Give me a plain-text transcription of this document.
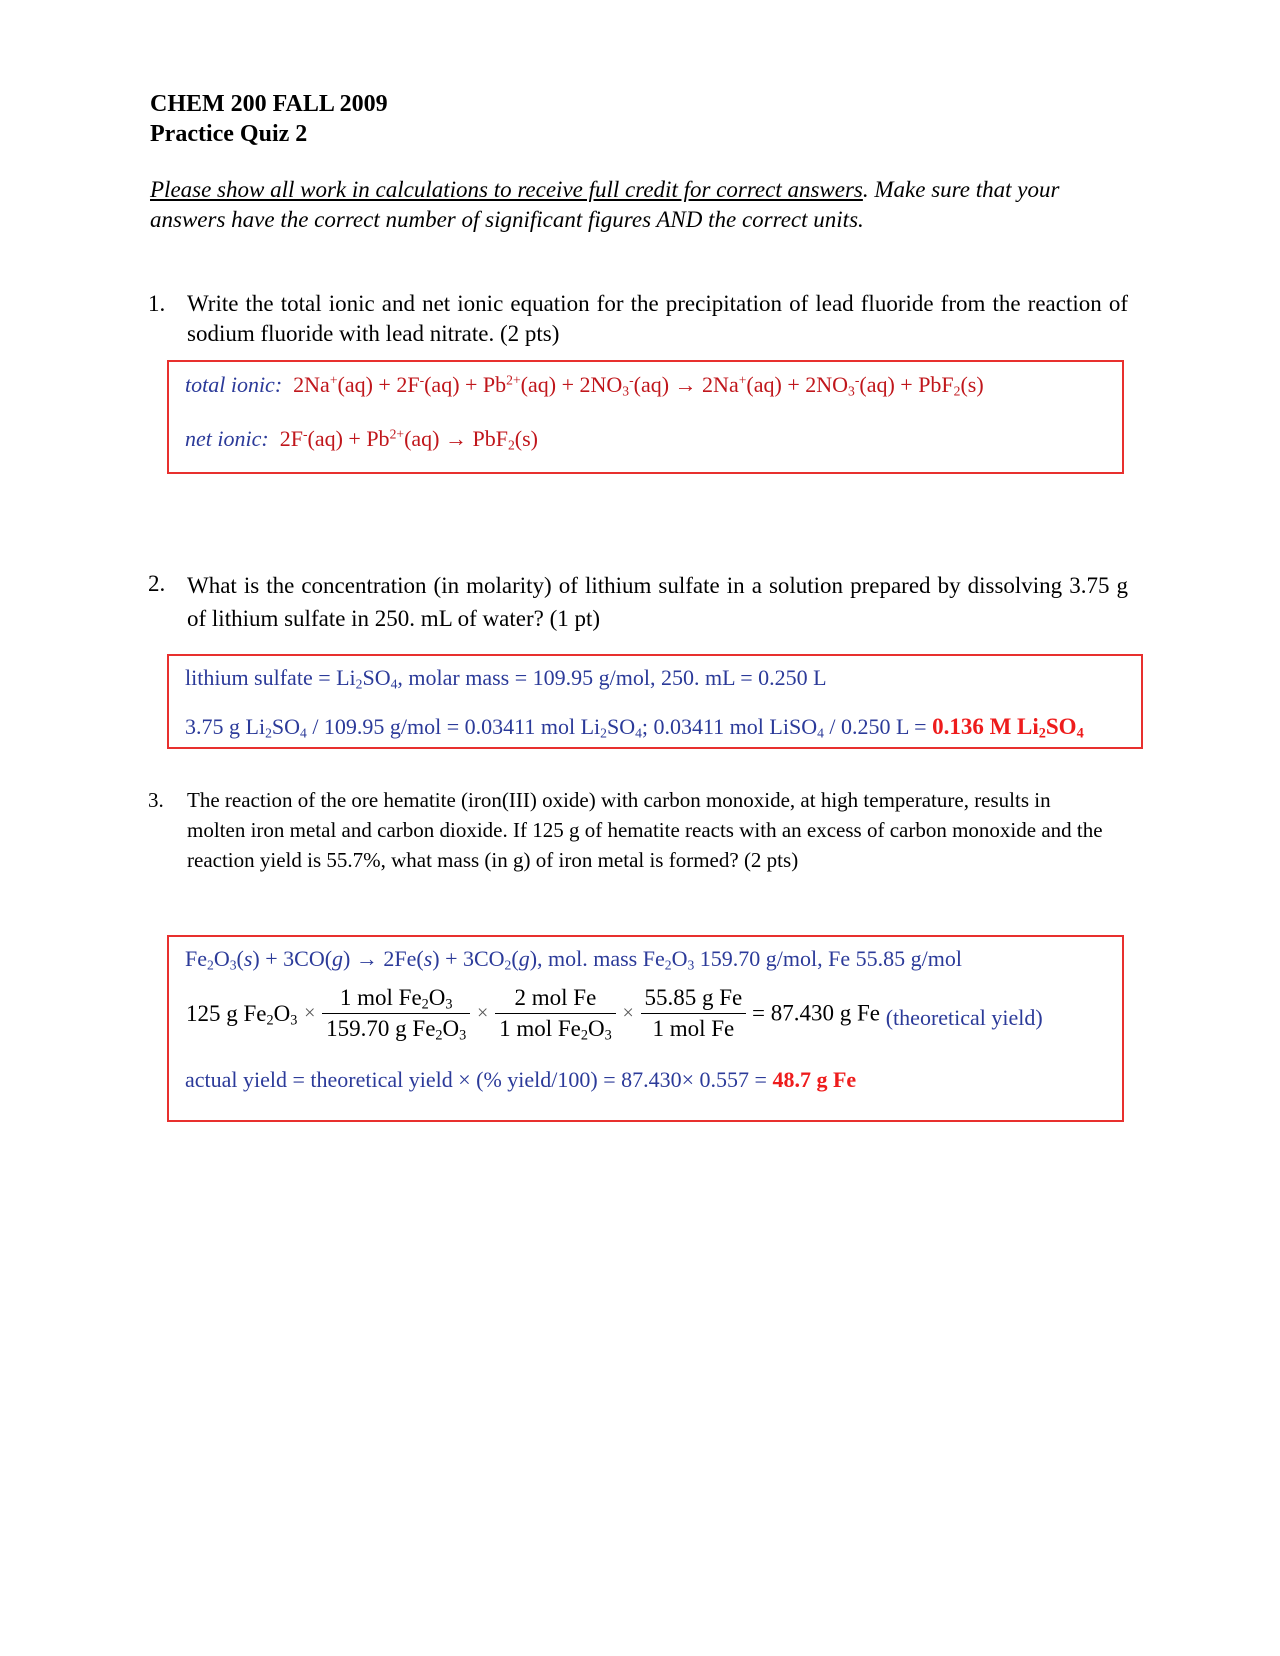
CHEM 200 FALL 2009
Practice Quiz 2
Please show all work in calculations to receive full credit for correct answers. Make sure that your answers have the correct number of significant figures AND the correct units.
1. Write the total ionic and net ionic equation for the precipitation of lead fluoride from the reaction of sodium fluoride with lead nitrate. (2 pts)
total ionic:  $2Na^+(aq) + 2F^-(aq) + Pb^{2+}(aq) + 2NO_3^-(aq) \to 2Na^+(aq) + 2NO_3^-(aq) + PbF_2(s)$
net ionic:  $2F^-(aq) + Pb^{2+}(aq) \to PbF_2(s)$
2. What is the concentration (in molarity) of lithium sulfate in a solution prepared by dissolving 3.75 g of lithium sulfate in 250. mL of water? (1 pt)
lithium sulfate = $Li_2SO_4$, molar mass = 109.95 g/mol, 250. mL = 0.250 L
3.75 g $Li_2SO_4 / 109.95$ g/mol = 0.03411 mol $Li_2SO_4$; 0.03411 mol LiSO$_4$ / 0.250 L = 0.136 M $Li_2SO_4$
3. The reaction of the ore hematite (iron(III) oxide) with carbon monoxide, at high temperature, results in molten iron metal and carbon dioxide. If 125 g of hematite reacts with an excess of carbon monoxide and the reaction yield is 55.7%, what mass (in g) of iron metal is formed? (2 pts)
$Fe_2O_3(s) + 3CO(g) \to 2Fe(s) + 3CO_2(g)$, mol. mass $Fe_2O_3$ 159.70 g/mol, Fe 55.85 g/mol
actual yield = theoretical yield × (% yield/100) = 87.430× 0.557 = 48.7 g Fe
125 g $Fe_2O_3 \times \frac{1 mol Fe_2O_3}{159.70 g Fe_2O_3} \times \frac{\text{2 mol Fe}}{1 mol Fe_2O_3} \times \frac{\text{55.85 g Fe}}{\text{1 mol Fe}} = 87.430$ g Fe (theoretical yield)
